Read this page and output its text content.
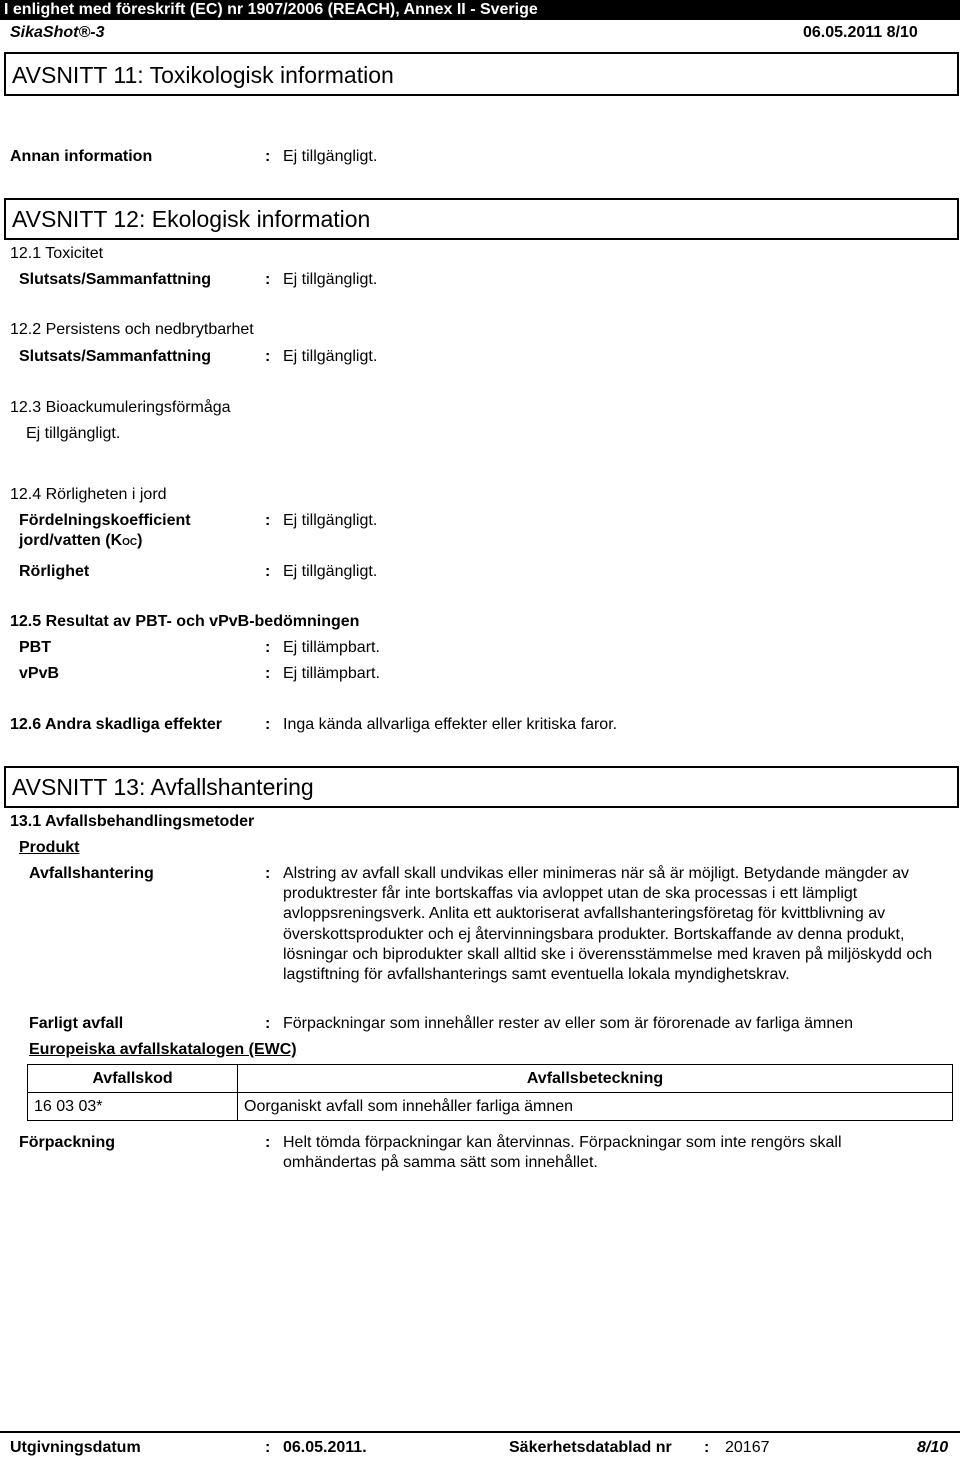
I enlighet med föreskrift (EC) nr 1907/2006 (REACH), Annex II - Sverige
SikaShot®-3	06.05.2011 8/10
AVSNITT 11: Toxikologisk information
Annan information	: Ej tillgängligt.
AVSNITT 12: Ekologisk information
12.1 Toxicitet
Slutsats/Sammanfattning	: Ej tillgängligt.
12.2 Persistens och nedbrytbarhet
Slutsats/Sammanfattning	: Ej tillgängligt.
12.3 Bioackumuleringsförmåga
Ej tillgängligt.
12.4 Rörligheten i jord
Fördelningskoefficient
jord/vatten (KOC)
: Ej tillgängligt.
Rörlighet	: Ej tillgängligt.
12.5 Resultat av PBT- och vPvB-bedömningen
PBT	: Ej tillämpbart.
vPvB	: Ej tillämpbart.
12.6 Andra skadliga effekter	: Inga kända allvarliga effekter eller kritiska faror.
AVSNITT 13: Avfallshantering
13.1 Avfallsbehandlingsmetoder
Produkt
Avfallshantering	: Alstring av avfall skall undvikas eller minimeras när så är möjligt. Betydande mängder av produktrester får inte bortskaffas via avloppet utan de ska processas i ett lämpligt avloppsreningsverk. Anlita ett auktoriserat avfallshanteringsföretag för kvittblivning av överskottsprodukter och ej återvinningsbara produkter. Bortskaffande av denna produkt, lösningar och biprodukter skall alltid ske i överensstämmelse med kraven på miljöskydd och lagstiftning för avfallshanterings samt eventuella lokala myndighetskrav.
Farligt avfall	: Förpackningar som innehåller rester av eller som är förorenade av farliga ämnen
Europeiska avfallskatalogen (EWC)
Avfallskod	Avfallsbeteckning
16 03 03*	Oorganiskt avfall som innehåller farliga ämnen
Förpackning	: Helt tömda förpackningar kan återvinnas. Förpackningar som inte rengörs skall omhändertas på samma sätt som innehållet.
Utgivningsdatum	: 06.05.2011.	Säkerhetsdatablad nr : 20167	8/10
